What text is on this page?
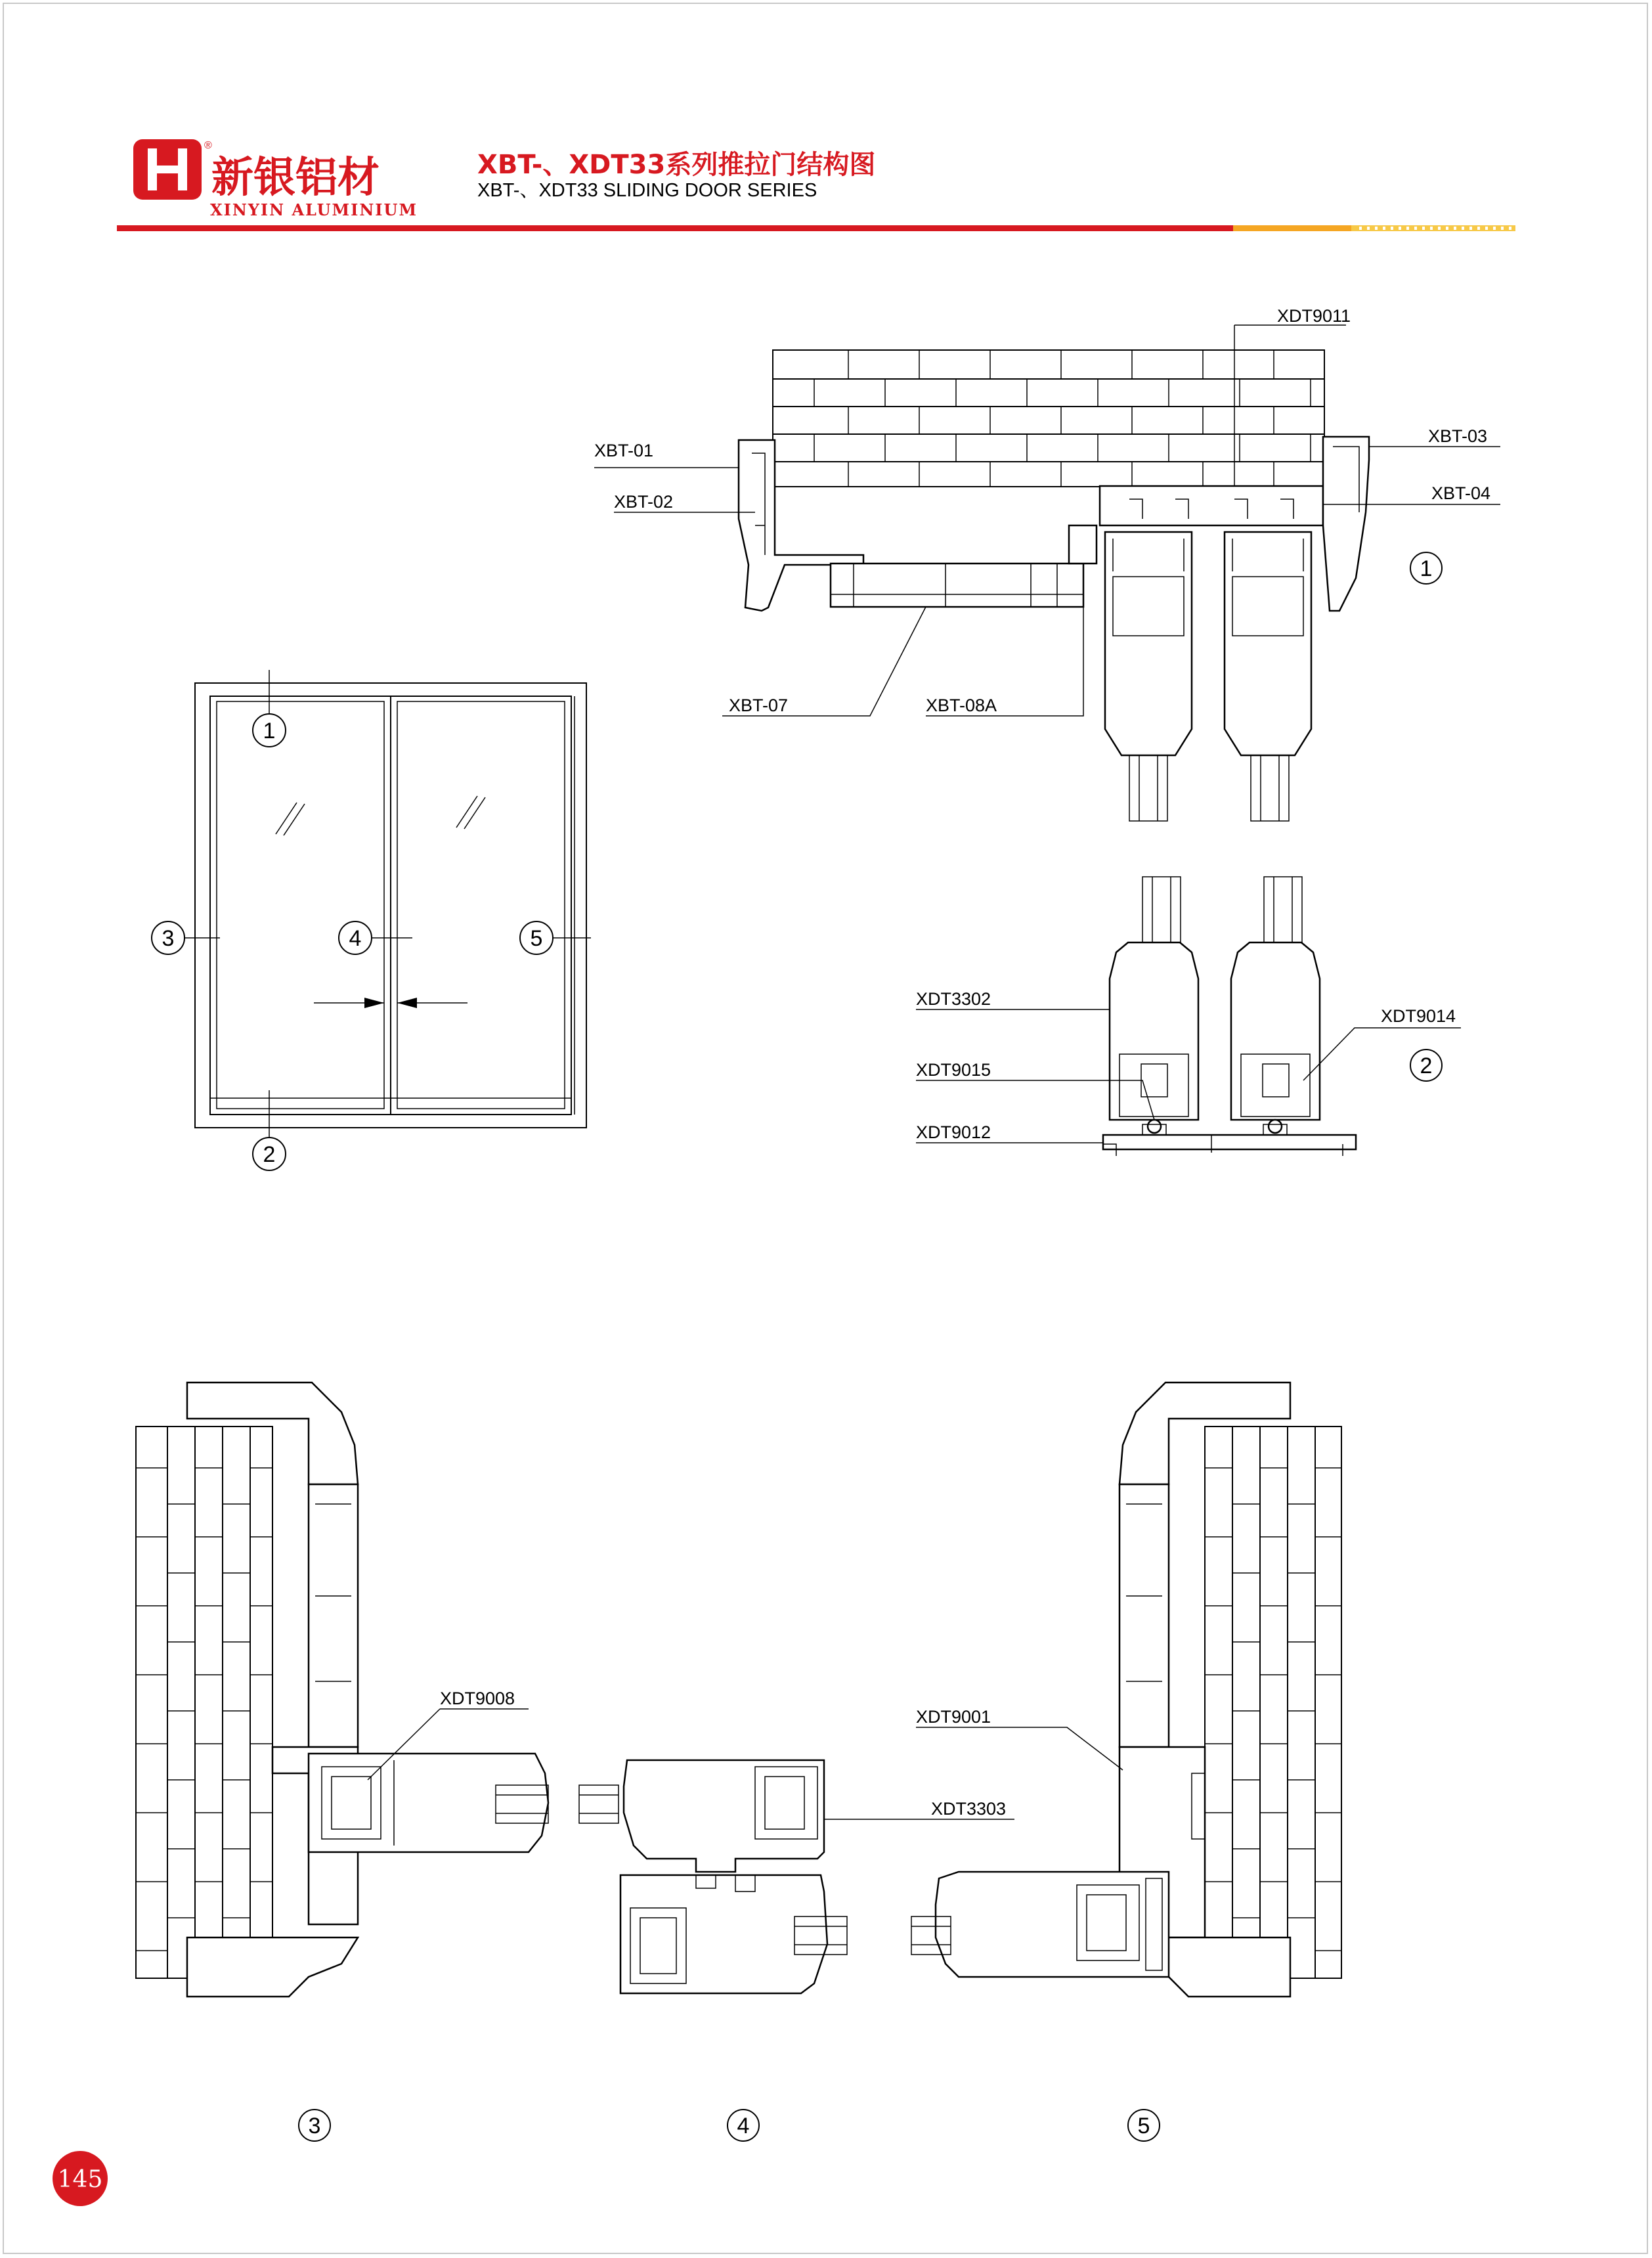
®
新银铝材
XINYIN ALUMINIUM
XBT-、XDT33系列推拉门结构图
XBT-、XDT33 SLIDING DOOR SERIES
XDT9011
XBT-01
XBT-02
XBT-03
XBT-04
XBT-07	XBT-08A
1
1
2
3	4	5
XDT3302
XDT9014
XDT9015
XDT9012
2
XDT9008
3
XDT3303
4
XDT9001
5
145
